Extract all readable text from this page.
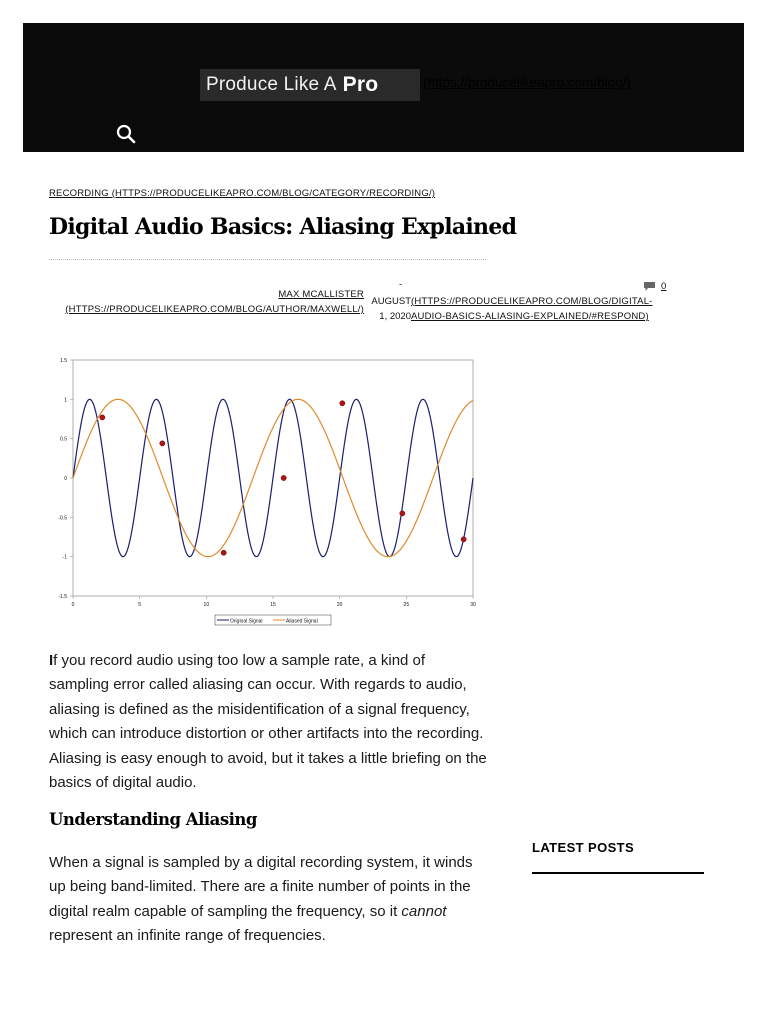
Produce Like A Pro	(https://producelikeapro.com/blog/)
RECORDING (HTTPS://PRODUCELIKEAPRO.COM/BLOG/CATEGORY/RECORDING/)
Digital Audio Basics: Aliasing Explained
MAX MCALLISTER (HTTPS://PRODUCELIKEAPRO.COM/BLOG/AUTHOR/MAXWELL/)
-
AUGUST 1, 2020
(HTTPS://PRODUCELIKEAPRO.COM/BLOG/DIGITAL-AUDIO-BASICS-ALIASING-EXPLAINED/#RESPOND)
0
1.5
1
0.5
0
-0.5
-1
-1.5
0	5	10	15	20	25	30
Original Signal	Aliased Signal

If you record audio using too low a sample rate, a kind of sampling error called aliasing can occur. With regards to audio, aliasing is defined as the misidentification of a signal frequency, which can introduce distortion or other artifacts into the recording. Aliasing is easy enough to avoid, but it takes a little briefing on the basics of digital audio.

Understanding Aliasing

When a signal is sampled by a digital recording system, it winds up being band-limited. There are a finite number of points in the digital realm capable of sampling the frequency, so it cannot represent an infinite range of frequencies.

LATEST POSTS
